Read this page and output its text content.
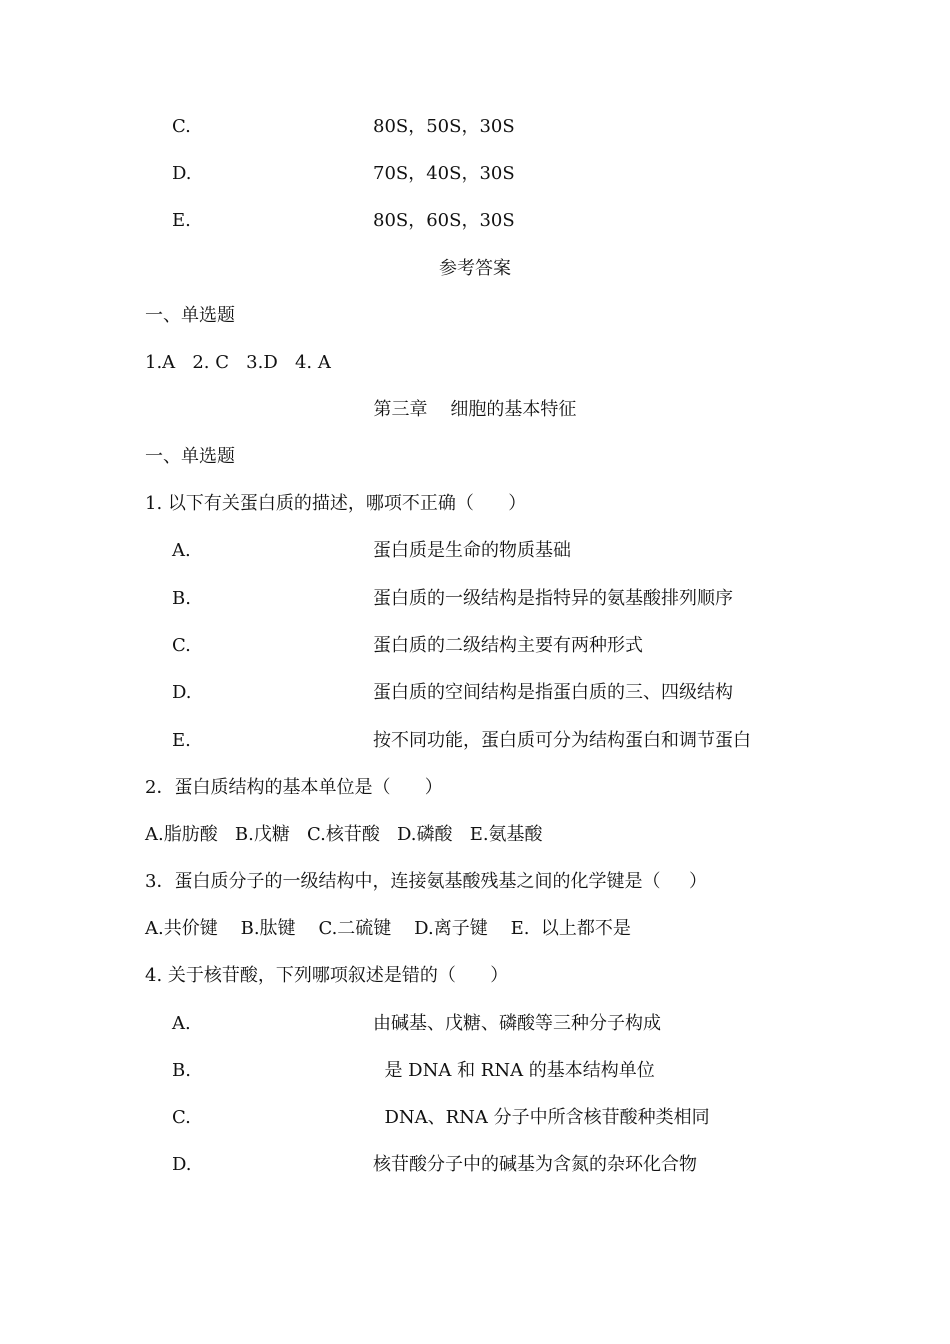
C.	80S，50S，30S
D.	70S，40S，30S
E.	80S，60S，30S
参考答案
一、单选题
1.A   2. C   3.D   4. A
第三章    细胞的基本特征
一、单选题
1. 以下有关蛋白质的描述，哪项不正确（      ）
A.	蛋白质是生命的物质基础
B.	蛋白质的一级结构是指特异的氨基酸排列顺序
C.	蛋白质的二级结构主要有两种形式
D.	蛋白质的空间结构是指蛋白质的三、四级结构
E.	按不同功能，蛋白质可分为结构蛋白和调节蛋白
2．蛋白质结构的基本单位是（      ）
A.脂肪酸   B.戊糖   C.核苷酸   D.磷酸   E.氨基酸
3．蛋白质分子的一级结构中，连接氨基酸残基之间的化学键是（     ）
A.共价键    B.肽键    C.二硫键    D.离子键    E.  以上都不是
4. 关于核苷酸，下列哪项叙述是错的（      ）
A.	由碱基、戊糖、磷酸等三种分子构成
B.	是 DNA 和 RNA 的基本结构单位
C.	DNA、RNA 分子中所含核苷酸种类相同
D.	核苷酸分子中的碱基为含氮的杂环化合物
